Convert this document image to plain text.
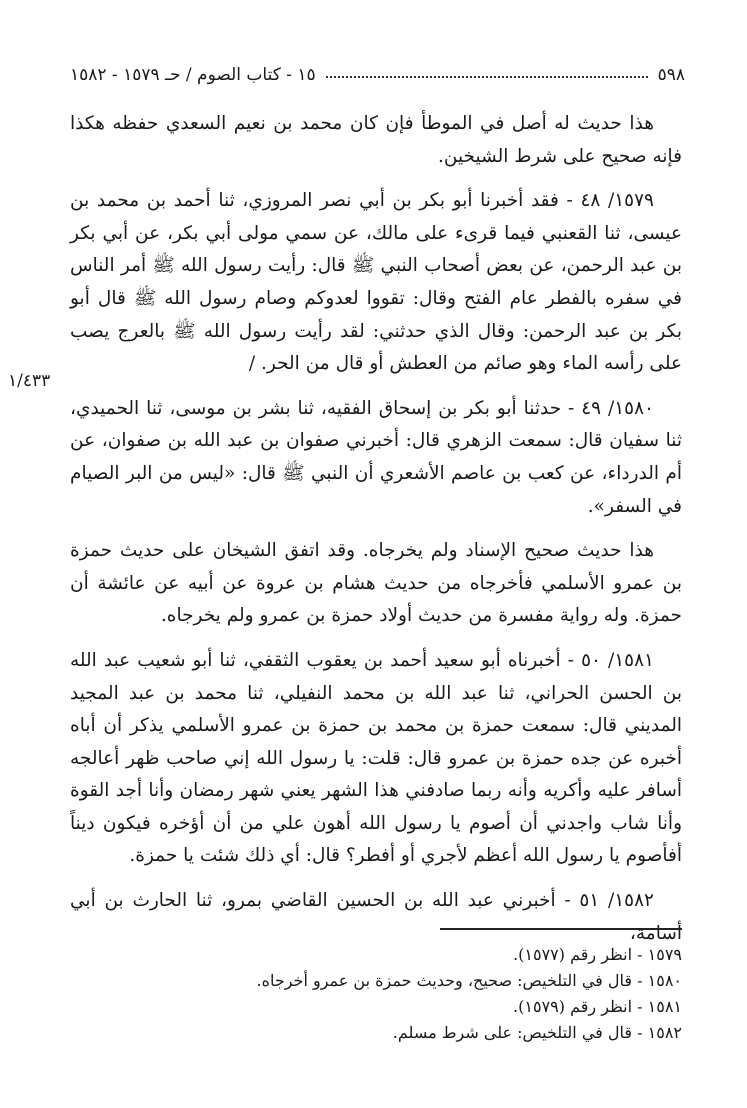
٥٩٨
١٥ - كتاب الصوم / حـ ١٥٧٩ - ١٥٨٢

هذا حديث له أصل في الموطأ فإن كان محمد بن نعيم السعدي حفظه هكذا فإنه صحيح على شرط الشيخين.

١٥٧٩/ ٤٨ - فقد أخبرنا أبو بكر بن أبي نصر المروزي، ثنا أحمد بن محمد بن عيسى، ثنا القعنبي فيما قرىء على مالك، عن سمي مولى أبي بكر، عن أبي بكر بن عبد الرحمن، عن بعض أصحاب النبي ﷺ قال: رأيت رسول الله ﷺ أمر الناس في سفره بالفطر عام الفتح وقال: تقووا لعدوكم وصام رسول الله ﷺ قال أبو بكر بن عبد الرحمن: وقال الذي حدثني: لقد رأيت رسول الله ﷺ بالعرج يصب على رأسه الماء وهو صائم من العطش أو قال من الحر. /

١٥٨٠/ ٤٩ - حدثنا أبو بكر بن إسحاق الفقيه، ثنا بشر بن موسى، ثنا الحميدي، ثنا سفيان قال: سمعت الزهري قال: أخبرني صفوان بن عبد الله بن صفوان، عن أم الدرداء، عن كعب بن عاصم الأشعري أن النبي ﷺ قال: «ليس من البر الصيام في السفر».

هذا حديث صحيح الإسناد ولم يخرجاه. وقد اتفق الشيخان على حديث حمزة بن عمرو الأسلمي فأخرجاه من حديث هشام بن عروة عن أبيه عن عائشة أن حمزة. وله رواية مفسرة من حديث أولاد حمزة بن عمرو ولم يخرجاه.

١٥٨١/ ٥٠ - أخبرناه أبو سعيد أحمد بن يعقوب الثقفي، ثنا أبو شعيب عبد الله بن الحسن الحراني، ثنا عبد الله بن محمد النفيلي، ثنا محمد بن عبد المجيد المديني قال: سمعت حمزة بن محمد بن حمزة بن عمرو الأسلمي يذكر أن أباه أخبره عن جده حمزة بن عمرو قال: قلت: يا رسول الله إني صاحب ظهر أعالجه أسافر عليه وأكريه وأنه ربما صادفني هذا الشهر يعني شهر رمضان وأنا أجد القوة وأنا شاب واجدني أن أصوم يا رسول الله أهون علي من أن أؤخره فيكون ديناً أفأصوم يا رسول الله أعظم لأجري أو أفطر؟ قال: أي ذلك شئت يا حمزة.

١٥٨٢/ ٥١ - أخبرني عبد الله بن الحسين القاضي بمرو، ثنا الحارث بن أبي أسامة،

١/٤٣٣
١٥٧٩ - انظر رقم (١٥٧٧).
١٥٨٠ - قال في التلخيص: صحيح، وحديث حمزة بن عمرو أخرجاه.
١٥٨١ - انظر رقم (١٥٧٩).
١٥٨٢ - قال في التلخيص: على شرط مسلم.
